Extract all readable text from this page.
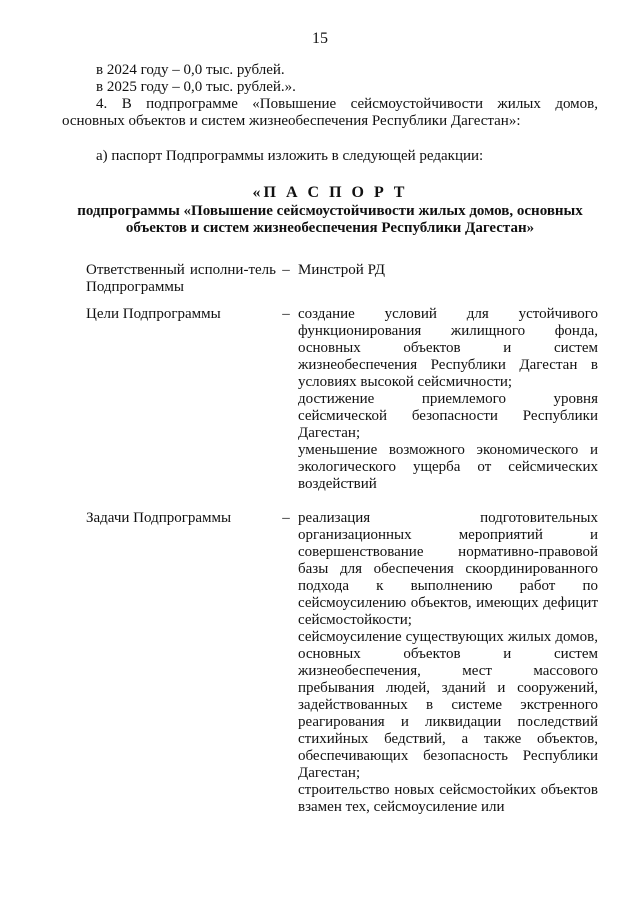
15

в 2024 году – 0,0 тыс. рублей.

в 2025 году – 0,0 тыс. рублей.».

4. В подпрограмме «Повышение сейсмоустойчивости жилых домов, основных объектов и систем жизнеобеспечения Республики Дагестан»:

а) паспорт Подпрограммы изложить в следующей редакции:

«П А С П О Р Т

подпрограммы «Повышение сейсмоустойчивости жилых домов, основных объектов и систем жизнеобеспечения Республики Дагестан»

Ответственный исполни-тель Подпрограммы
– Минстрой РД

Цели Подпрограммы	– создание условий для устойчивого функционирования жилищного фонда, основных объектов и систем жизнеобеспечения Республики Дагестан в условиях высокой сейсмичности;

достижение приемлемого уровня сейсмической безопасности Республики Дагестан;

уменьшение возможного экономического и экологического ущерба от сейсмических воздействий

Задачи Подпрограммы	– реализация подготовительных организационных мероприятий и совершенствование нормативно-правовой базы для обеспечения скоординированного подхода к выполнению работ по сейсмоусилению объектов, имеющих дефицит сейсмостойкости;

сейсмоусиление существующих жилых домов, основных объектов и систем жизнеобеспечения, мест массового пребывания людей, зданий и сооружений, задействованных в системе экстренного реагирования и ликвидации последствий стихийных бедствий, а также объектов, обеспечивающих безопасность Республики Дагестан;

строительство новых сейсмостойких объектов взамен тех, сейсмоусиление или
